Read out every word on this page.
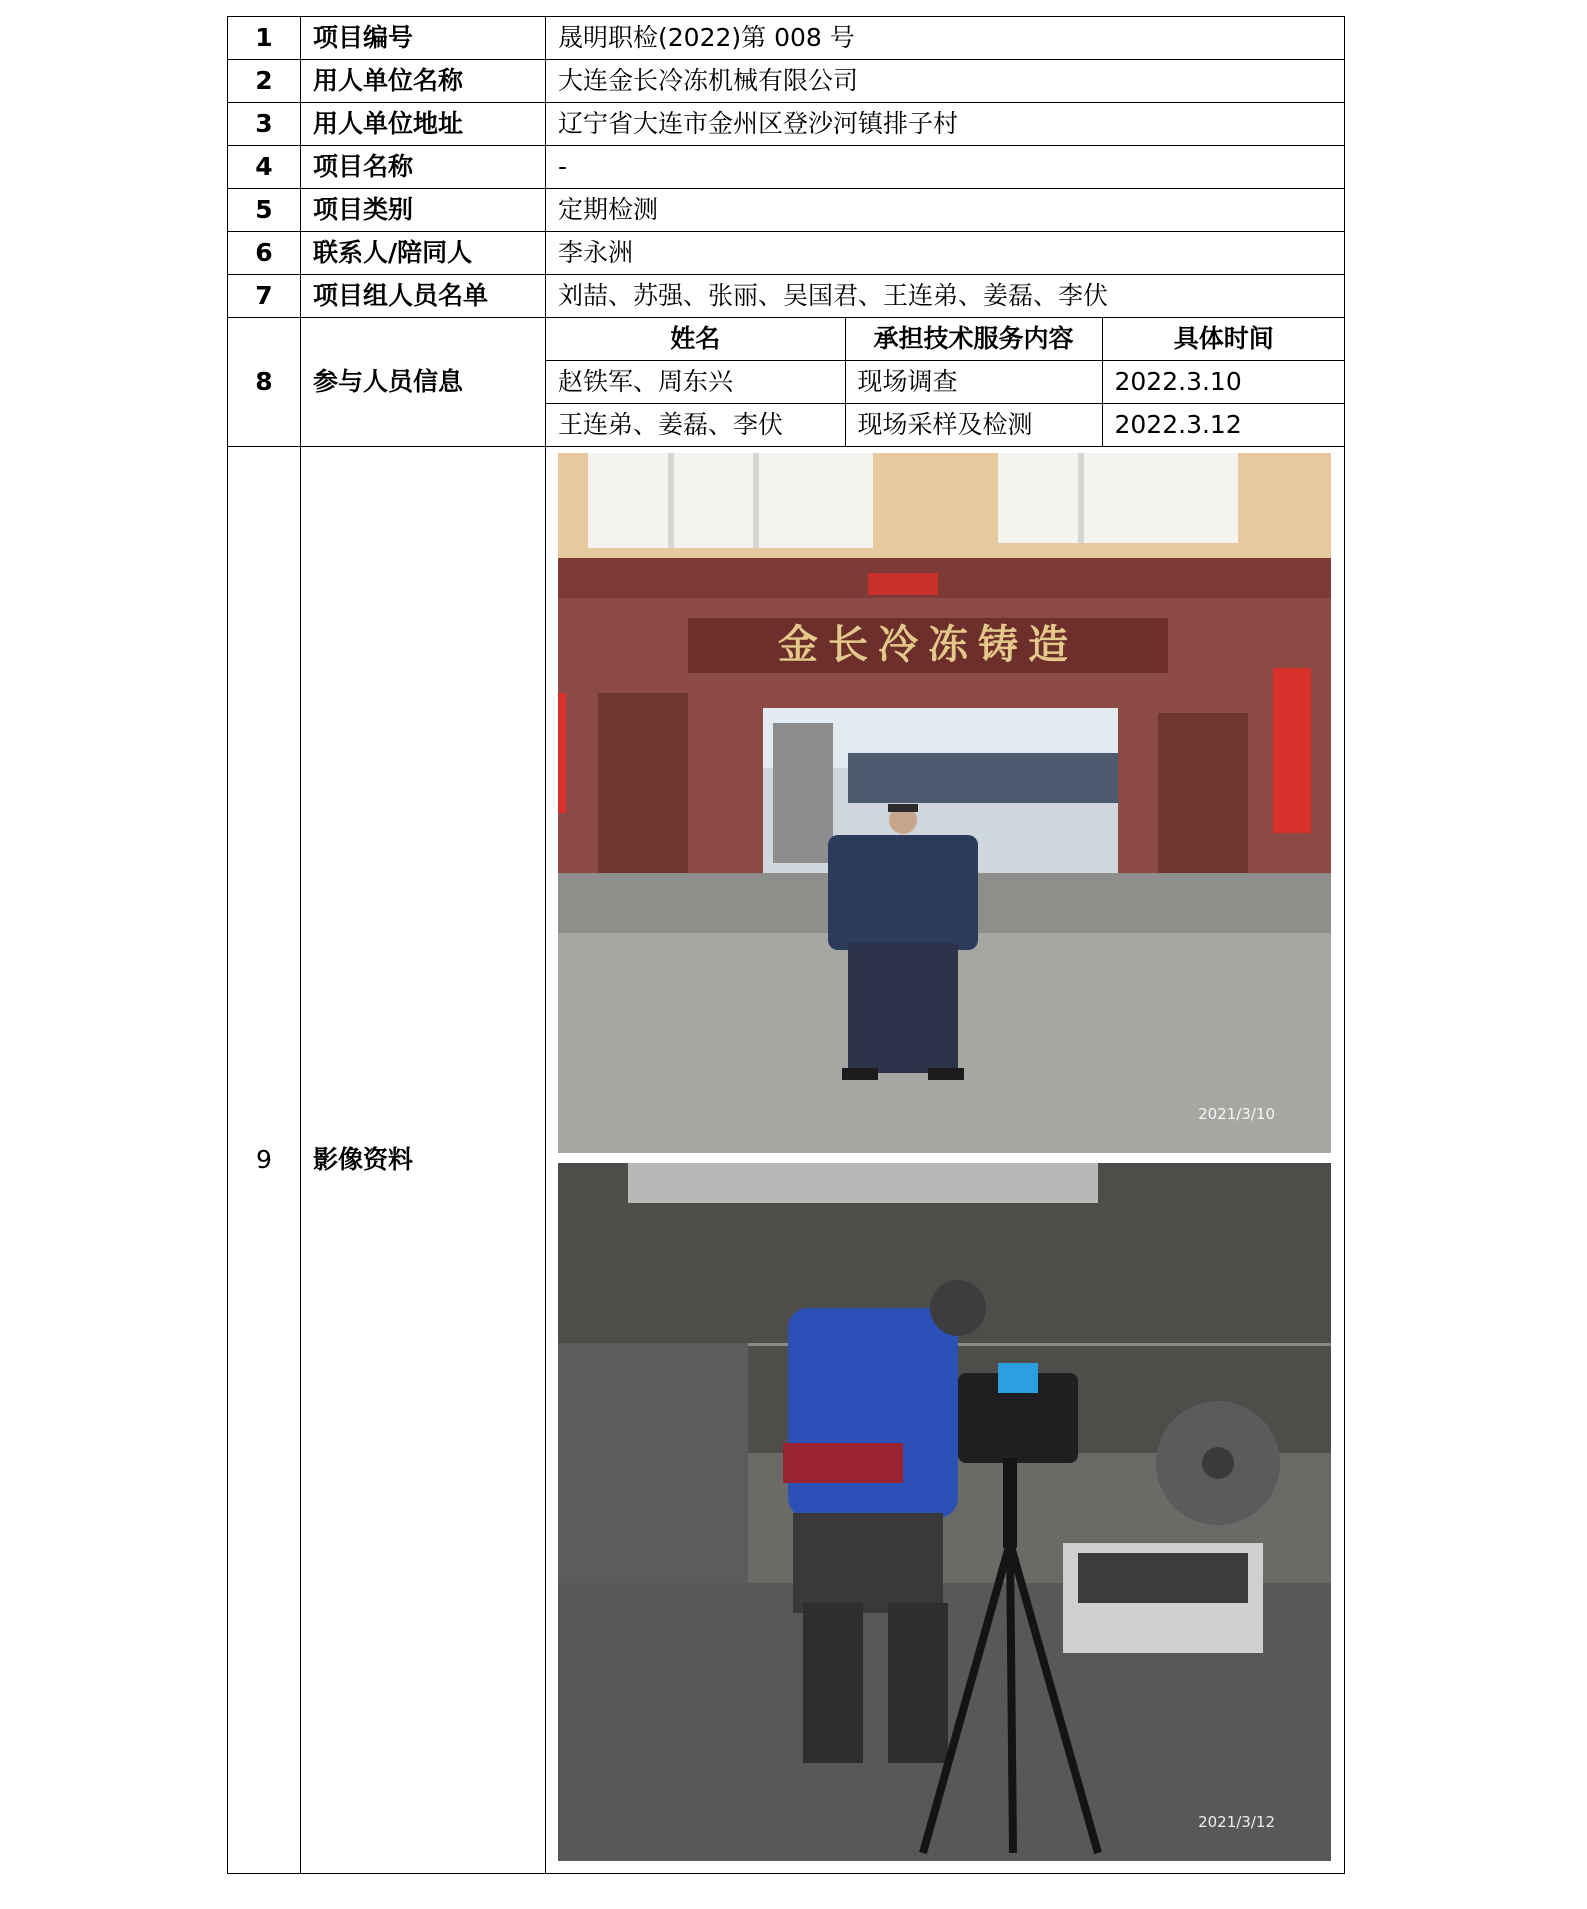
1	项目编号	晟明职检(2022)第 008 号
2	用人单位名称	大连金长冷冻机械有限公司
3	用人单位地址	辽宁省大连市金州区登沙河镇排子村
4	项目名称	-
5	项目类别	定期检测
6	联系人/陪同人	李永洲
7	项目组人员名单	刘喆、苏强、张丽、吴国君、王连弟、姜磊、李伏
8	参与人员信息	
姓名	承担技术服务内容	具体时间
赵铁军、周东兴	现场调查	2022.3.10
王连弟、姜磊、李伏	现场采样及检测	2022.3.12

9	影像资料	
金长冷冻铸造
2021/3/10
2021/3/12
